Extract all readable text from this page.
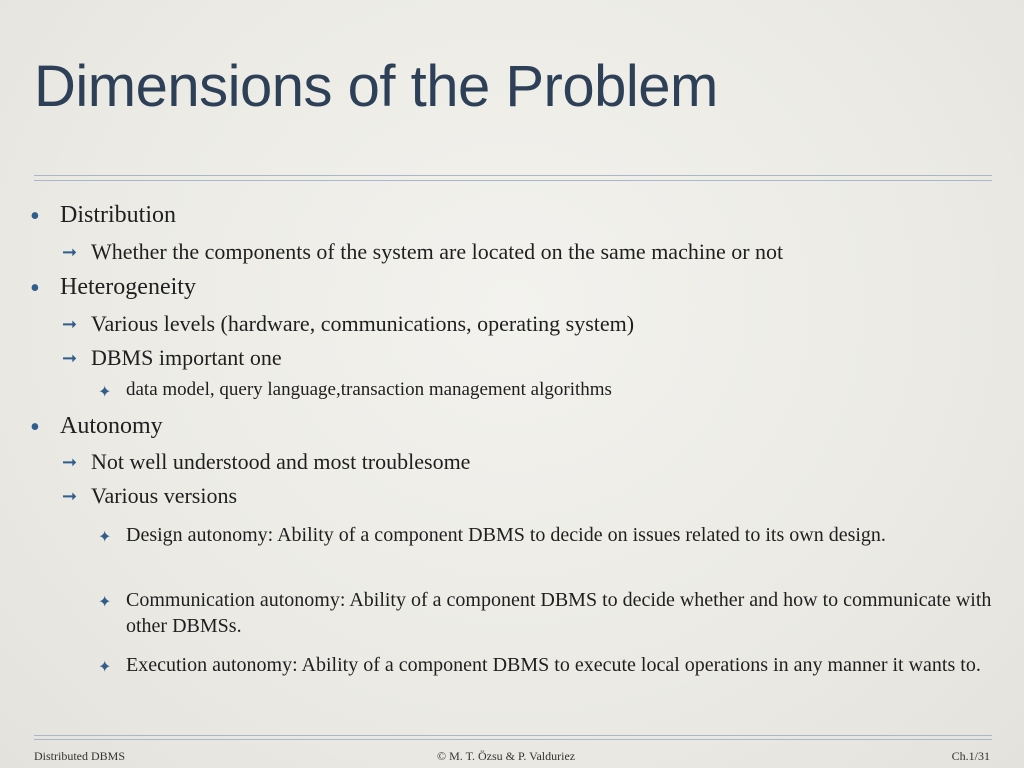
Dimensions of the Problem
• Distribution
➞ Whether the components of the system are located on the same machine or not
• Heterogeneity
➞ Various levels (hardware, communications, operating system)
➞ DBMS important one
✦ data model, query language,transaction management algorithms
• Autonomy
➞ Not well understood and most troublesome
➞ Various versions
✦ Design autonomy: Ability of a component DBMS to decide on issues related to its own design.
✦ Communication autonomy: Ability of a component DBMS to decide whether and how to communicate with other DBMSs.
✦ Execution autonomy: Ability of a component DBMS to execute local operations in any manner it wants to.
Distributed DBMS	© M. T. Özsu & P. Valduriez	Ch.1/31
